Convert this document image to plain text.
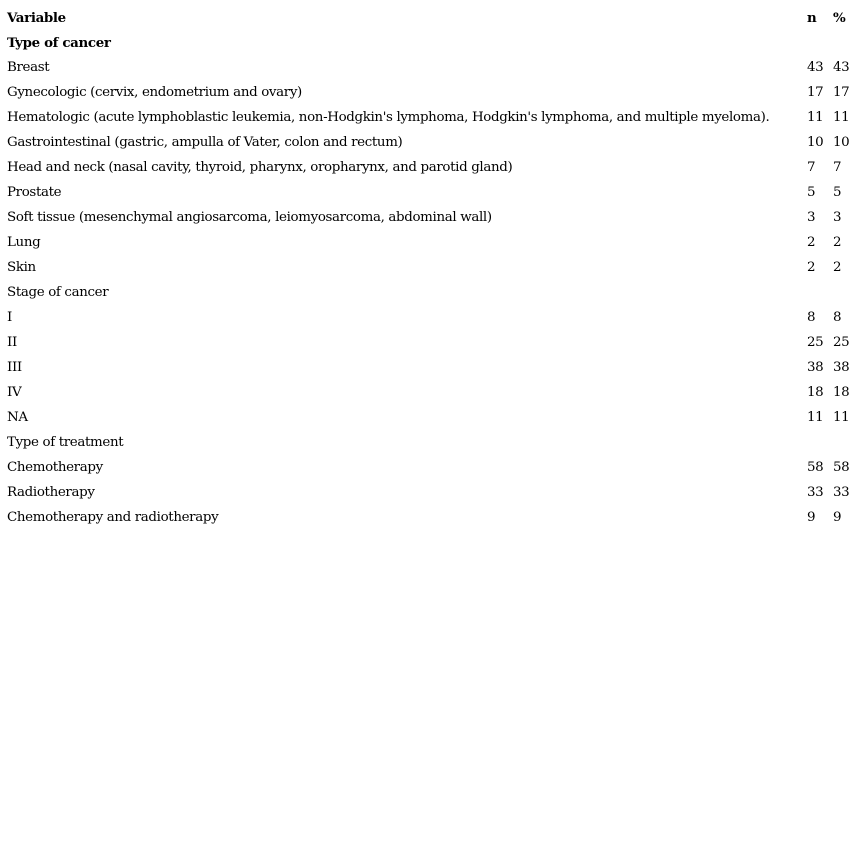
Variable	n	%
Type of cancer		
Breast	43	43
Gynecologic (cervix, endometrium and ovary)	17	17
Hematologic (acute lymphoblastic leukemia, non-Hodgkin's lymphoma, Hodgkin's lymphoma, and multiple myeloma).	11	11
Gastrointestinal (gastric, ampulla of Vater, colon and rectum)	10	10
Head and neck (nasal cavity, thyroid, pharynx, oropharynx, and parotid gland)	7	7
Prostate	5	5
Soft tissue (mesenchymal angiosarcoma, leiomyosarcoma, abdominal wall)	3	3
Lung	2	2
Skin	2	2
Stage of cancer		
I	8	8
II	25	25
III	38	38
IV	18	18
NA	11	11
Type of treatment		
Chemotherapy	58	58
Radiotherapy	33	33
Chemotherapy and radiotherapy	9	9
